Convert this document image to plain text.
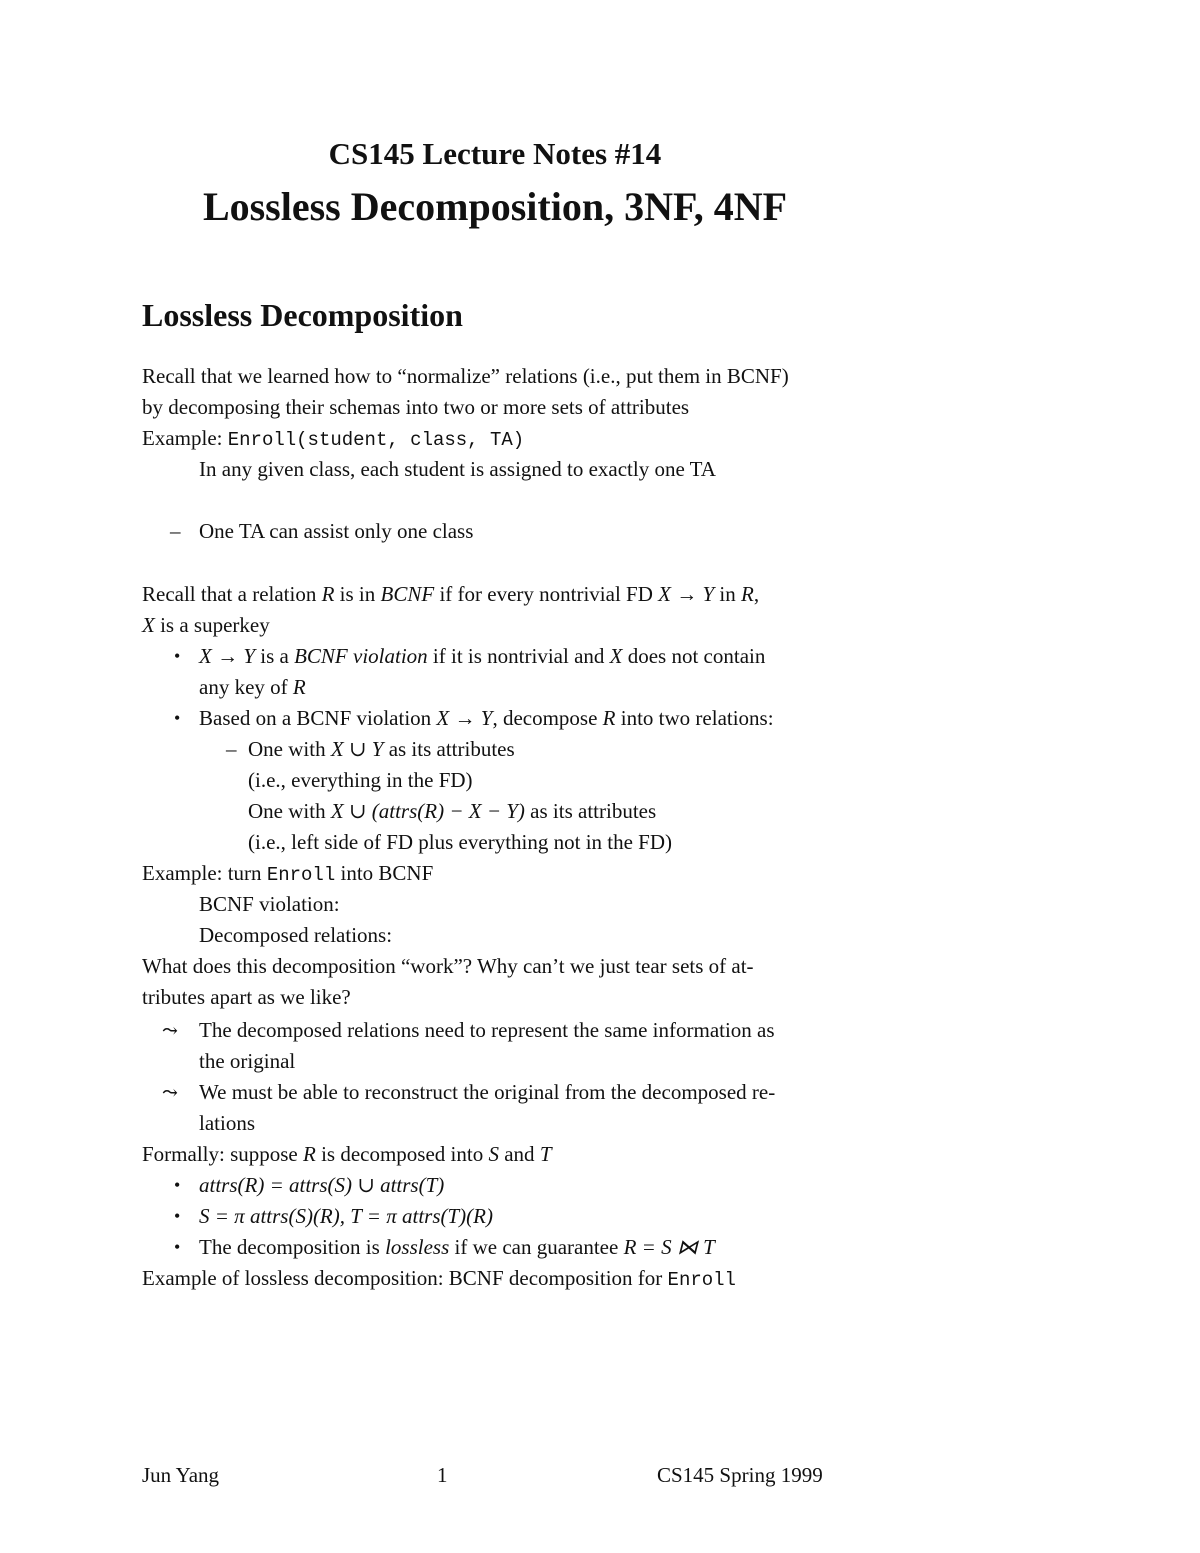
CS145 Lecture Notes #14
Lossless Decomposition, 3NF, 4NF
Lossless Decomposition
Recall that we learned how to “normalize” relations (i.e., put them in BCNF)
by decomposing their schemas into two or more sets of attributes
Example: Enroll(student, class, TA)
In any given class, each student is assigned to exactly one TA
– One TA can assist only one class
Recall that a relation R is in BCNF if for every nontrivial FD X → Y in R,
X is a superkey
• X → Y is a BCNF violation if it is nontrivial and X does not contain
any key of R
• Based on a BCNF violation X → Y, decompose R into two relations:
– One with X ∪ Y as its attributes
(i.e., everything in the FD)
One with X ∪ (attrs(R) − X − Y) as its attributes
(i.e., left side of FD plus everything not in the FD)
Example: turn Enroll into BCNF
BCNF violation:
Decomposed relations:
What does this decomposition “work”? Why can’t we just tear sets of at-
tributes apart as we like?
⤳ The decomposed relations need to represent the same information as
the original
⤳ We must be able to reconstruct the original from the decomposed re-
lations
Formally: suppose R is decomposed into S and T
• attrs(R) = attrs(S) ∪ attrs(T)
• S = π attrs(S)(R), T = π attrs(T)(R)
• The decomposition is lossless if we can guarantee R = S ⋈ T
Example of lossless decomposition: BCNF decomposition for Enroll
Jun Yang	1	CS145 Spring 1999
